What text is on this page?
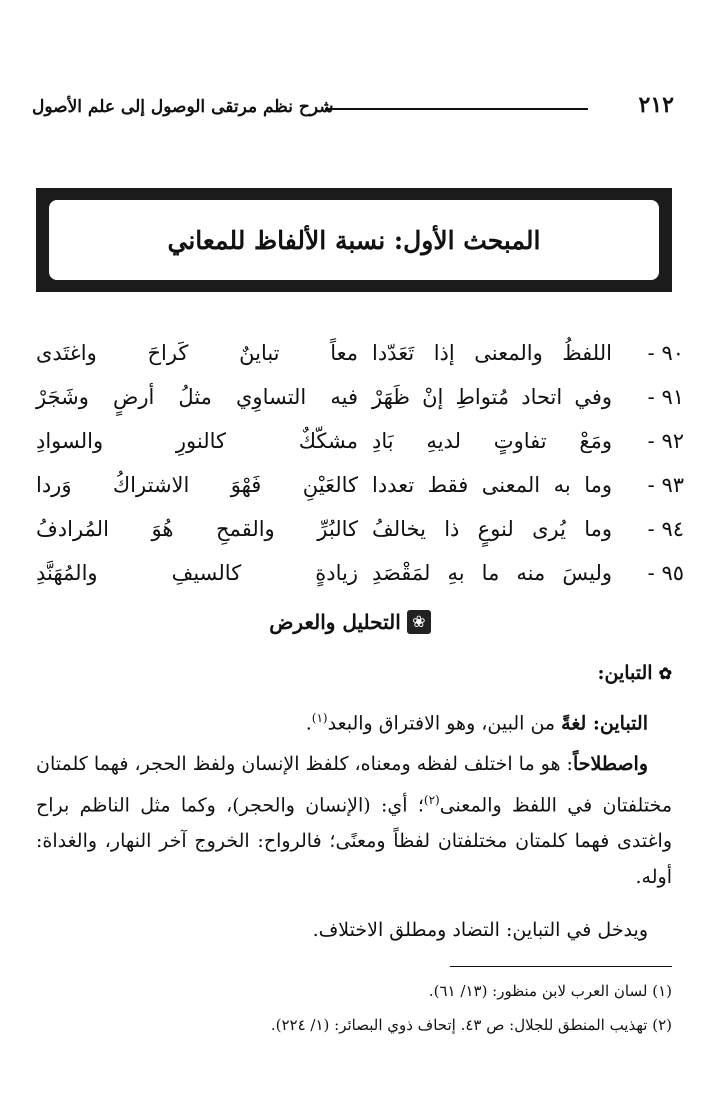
٢١٢
شرح نظم مرتقى الوصول إلى علم الأصول
المبحث الأول: نسبة الألفاظ للمعاني
٩٠ -
اللفظُ والمعنى إذا تَعَدّدا
معاً تباينٌ كَراحَ واغتَدى
٩١ -
وفي اتحاد مُتواطِ إنْ ظَهَرْ
فيه التساوِي مثلُ أرضٍ وشَجَرْ
٩٢ -
ومَعْ تفاوتٍ لديهِ بَادِ
مشكّكٌ كالنورِ والسوادِ
٩٣ -
وما به المعنى فقط تعددا
كالعَيْنِ فَهْوَ الاشتراكُ وَردا
٩٤ -
وما يُرى لنوعٍ ذا يخالفُ
كالبُرِّ والقمحِ هُوَ المُرادفُ
٩٥ -
وليسَ منه ما بهِ لمَقْصَدِ
زيادةٍ كالسيفِ والمُهَنَّدِ
❀
التحليل والعرض
✿
التباين:
التباين: لغةً من البين، وهو الافتراق والبعد$^{(١)}$.
واصطلاحاً: هو ما اختلف لفظه ومعناه، كلفظ الإنسان ولفظ الحجر، فهما كلمتان مختلفتان في اللفظ والمعنى$^{(٢)}$؛ أي: (الإنسان والحجر)، وكما مثل الناظم براح واغتدى فهما كلمتان مختلفتان لفظاً ومعنًى؛ فالرواح: الخروج آخر النهار، والغداة: أوله.
ويدخل في التباين: التضاد ومطلق الاختلاف.
(١) لسان العرب لابن منظور: (١٣/ ٦١).
(٢) تهذيب المنطق للجلال: ص ٤٣. إتحاف ذوي البصائر: (١/ ٢٢٤).
